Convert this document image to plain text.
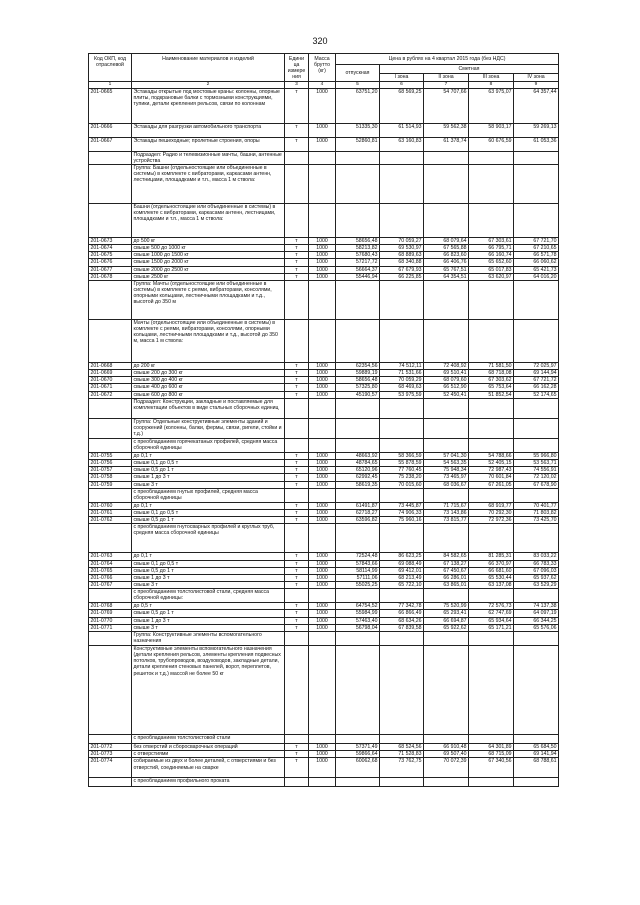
320
Код ОКП, код отраслевой	Наименование материалов и изделий	Едини ца измере ния	Масса брутто (кг)	Цена в рублях на 4 квартал 2015 года (без НДС)				
				отпускная	Сметная			
					I зона	II зона	III зона	IV зона
1	2	3	4	5	6	7	8	9
201-0665	Эстакады открытые под мостовые краны: колонны, опорные плиты, подкрановые балки с тормозными конструкциями, тупики, детали крепления рельсов, связи по колоннам	т	1000	63751,20	68 569,25	54 707,66	63 975,07	64 357,44
201-0666	Эстакады для разгрузки автомобильного транспорта	т	1000	51335,30	61 514,93	59 562,38	58 903,17	59 269,13
201-0667	Эстакады пешеходные; пролетные строения, опоры	т	1000	52860,81	63 160,83	61 378,74	60 676,59	61 053,36
	Подраздел: Радио и телевизионные мачты, башни, антенные устройства							
	Группа: Башни (отдельностоящие или объединенные в системы) в комплекте с вибраторами, каркасами антенн, лестницами, площадками и т.п., масса 1 м ствола:							
	Башни (отдельностоящие или объединенные в системы) в комплекте с вибраторами, каркасами антенн, лестницами, площадками и т.п., масса 1 м ствола:							
201-0673	до 500 кг	т	1000	58656,48	70 059,27	68 079,64	67 303,61	67 721,70
201-0674	свыше 500 до 1000 кг	т	1000	58213,82	69 530,97	67 565,88	66 795,71	67 210,65
201-0675	свыше 1000 до 1500 кг	т	1000	57680,43	68 889,63	66 823,60	66 160,74	66 571,78
201-0676	свыше 1500 до 2000 кг	т	1000	57217,72	68 340,88	66 406,76	65 652,60	66 060,62
201-0677	свыше 2000 до 2500 кг	т	1000	56664,37	67 679,93	65 767,51	65 017,83	65 421,73
201-0678	свыше 2500 кг	т	1000	55446,94	66 225,85	64 354,51	63 620,97	64 016,20
	Группа: Мачты (отдельностоящие или объединенные в системы) в комплекте с реями, вибраторами, консолями, опорными кольцами, лестничными площадками и т.д., высотой до 350 м							
	Мачты (отдельностоящие или объединенные в системы) в комплекте с реями, вибраторами, консолями, опорными кольцами, лестничными площадками и т.д., высотой до 350 м, масса 1 м ствола:							
201-0668	до 200 кг	т	1000	62354,56	74 512,11	72 408,92	71 581,50	72 025,97
201-0669	свыше 200 до 300 кг	т	1000	59889,19	71 531,66	69 510,41	68 718,08	69 144,94
201-0670	свыше 300 до 400 кг	т	1000	58656,48	70 059,29	68 079,60	67 303,62	67 721,72
201-0671	свыше 400 до 600 кг	т	1000	57325,80	68 469,63	66 512,90	65 753,64	66 162,28
201-0672	свыше 600 до 800 кг	т	1000	45190,57	53 975,59	52 450,41	51 852,54	52 174,65
	Подраздел: Конструкции, закладные и поставляемые для комплектации объектов в виде стальных сборочных единиц							
	Группа: Отдельные конструктивные элементы зданий и сооружений (колонны, балки, фермы, связи, ригели, стойки и т.д.)							
	с преобладанием горячекатаных профилей, средняя масса сборочной единицы							
201-0755	до 0,1 т	т	1000	48663,92	58 366,59	57 041,30	54 788,66	55 966,80
201-0756	свыше 0,1 до 0,5 т	т	1000	48784,65	55 878,59	54 563,35	52 405,15	53 563,71
201-0757	свыше 0,5 до 1 т	т	1000	65120,96	77 760,45	75 948,34	72 987,43	74 556,91
201-0758	свыше 1 до 3 т	т	1000	62992,45	75 238,20	73 465,97	70 601,84	72 120,02
201-0759	свыше 3 т	т	1000	58619,35	70 015,60	68 036,67	67 261,05	67 678,90
	с преобладанием гнутых профилей, средняя масса сборочной единицы							
201-0760	до 0,1 т	т	1000	61491,87	73 445,87	71 715,67	68 919,77	70 401,77
201-0761	свыше 0,1 до 0,5 т	т	1000	62718,27	74 906,33	73 143,86	70 292,30	71 803,82
201-0762	свыше 0,5 до 1 т	т	1000	63596,82	75 960,16	73 815,77	72 972,36	73 425,70
	с преобладанием гнутосварных профилей и круглых труб, средняя масса сборочной единицы							
201-0763	до 0,1 т	т	1000	72524,48	86 623,25	84 582,65	81 285,31	83 033,22
201-0764	свыше 0,1 до 0,5 т	т	1000	57843,66	69 088,49	67 138,27	66 370,97	66 783,33
201-0765	свыше 0,5 до 1 т	т	1000	58114,99	69 412,01	67 450,67	66 681,60	67 096,03
201-0766	свыше 1 до 3 т	т	1000	57111,06	68 213,49	66 286,01	65 530,44	65 937,62
201-0767	свыше 3 т	т	1000	55025,25	65 722,10	63 865,01	63 137,08	63 529,29
	с преобладанием толстолистовой стали, средняя масса сборочной единицы:							
201-0768	до 0,5 т	т	1000	64754,52	77 342,78	75 520,99	72 576,73	74 137,38
201-0769	свыше 0,5 до 1 т	т	1000	55984,99	66 866,49	65 293,41	62 747,69	64 097,19
201-0770	свыше 1 до 3 т	т	1000	57463,40	68 634,26	66 694,87	65 934,64	66 344,25
201-0771	свыше 3 т	т	1000	56798,04	67 839,58	65 922,62	65 171,21	65 576,06
	Группа: Конструктивные элементы вспомогательного назначения							
	Конструктивные элементы вспомогательного назначения (детали крепления рельсов, элементы крепления подвесных потолков, трубопроводов, воздуховодов, закладные детали, детали крепления стеновых панелей, ворот, переплетов, решеток и т.д.) массой не более 50 кг							
	с преобладанием толстолистовой стали							
201-0772	без отверстий и сборосварочных операций	т	1000	57371,49	68 524,56	66 910,48	64 301,89	65 684,50
201-0773	с отверстиями	т	1000	59866,64	71 528,83	69 507,40	68 715,09	69 141,94
201-0774	собираемые из двух и более деталей, с отверстиями и без отверстий, соединяемые на сварке	т	1000	60062,68	73 762,75	70 072,39	67 340,56	68 788,61
	с преобладанием профильного проката							
